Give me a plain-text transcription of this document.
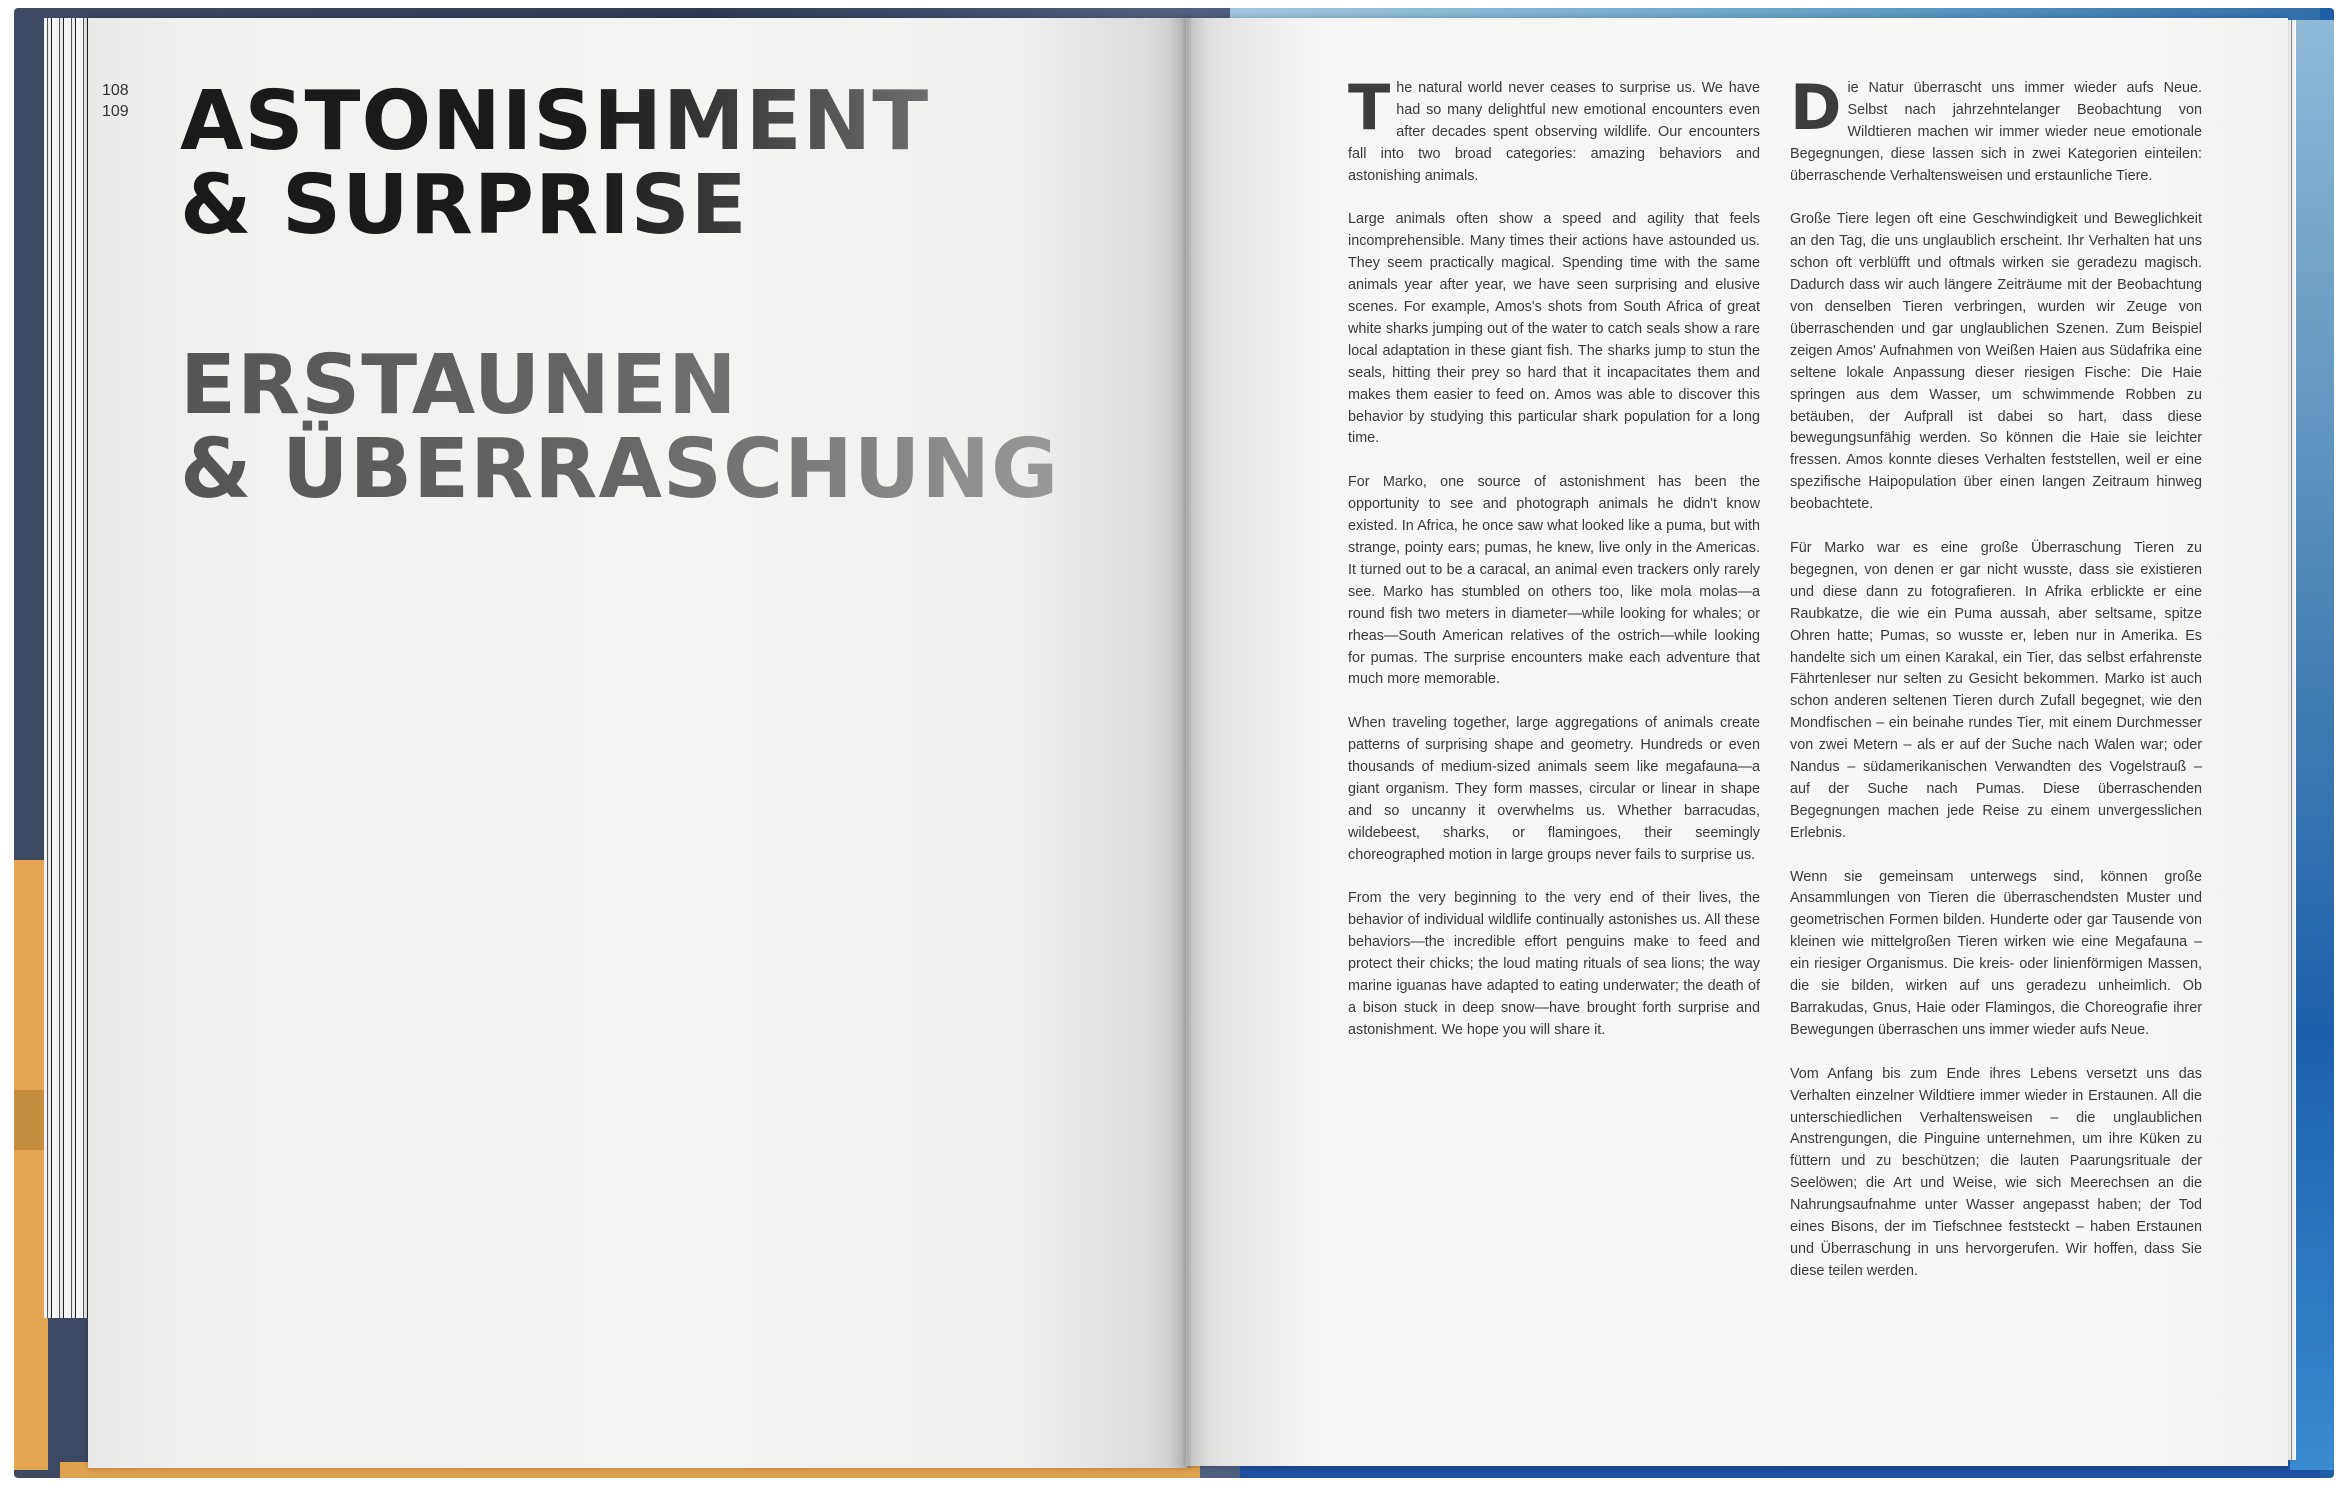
108
109 ASTONISHMENT
& SURPRISE
ERSTAUNEN
& ÜBERRASCHUNG

The natural world never ceases to surprise us. We have had so many delightful new emotional encounters even after decades spent observing wildlife. Our encounters fall into two broad categories: amazing behaviors and astonishing animals.

Large animals often show a speed and agility that feels incomprehensible. Many times their actions have astounded us. They seem practically magical. Spending time with the same animals year after year, we have seen surprising and elusive scenes. For example, Amos's shots from South Africa of great white sharks jumping out of the water to catch seals show a rare local adaptation in these giant fish. The sharks jump to stun the seals, hitting their prey so hard that it incapacitates them and makes them easier to feed on. Amos was able to discover this behavior by studying this particular shark population for a long time.

For Marko, one source of astonishment has been the opportunity to see and photograph animals he didn't know existed. In Africa, he once saw what looked like a puma, but with strange, pointy ears; pumas, he knew, live only in the Americas. It turned out to be a caracal, an animal even trackers only rarely see. Marko has stumbled on others too, like mola molas—a round fish two meters in diameter—while looking for whales; or rheas—South American relatives of the ostrich—while looking for pumas. The surprise encounters make each adventure that much more memorable.

When traveling together, large aggregations of animals create patterns of surprising shape and geometry. Hundreds or even thousands of medium-sized animals seem like megafauna—a giant organism. They form masses, circular or linear in shape and so uncanny it overwhelms us. Whether barracudas, wildebeest, sharks, or flamingoes, their seemingly choreographed motion in large groups never fails to surprise us.

From the very beginning to the very end of their lives, the behavior of individual wildlife continually astonishes us. All these behaviors—the incredible effort penguins make to feed and protect their chicks; the loud mating rituals of sea lions; the way marine iguanas have adapted to eating underwater; the death of a bison stuck in deep snow—have brought forth surprise and astonishment. We hope you will share it.

Die Natur überrascht uns immer wieder aufs Neue. Selbst nach jahrzehntelanger Beobachtung von Wildtieren machen wir immer wieder neue emotionale Begegnungen, diese lassen sich in zwei Kategorien einteilen: überraschende Verhaltensweisen und erstaunliche Tiere.

Große Tiere legen oft eine Geschwindigkeit und Beweglichkeit an den Tag, die uns unglaublich erscheint. Ihr Verhalten hat uns schon oft verblüfft und oftmals wirken sie geradezu magisch. Dadurch dass wir auch längere Zeiträume mit der Beobachtung von denselben Tieren verbringen, wurden wir Zeuge von überraschenden und gar unglaublichen Szenen. Zum Beispiel zeigen Amos' Aufnahmen von Weißen Haien aus Südafrika eine seltene lokale Anpassung dieser riesigen Fische: Die Haie springen aus dem Wasser, um schwimmende Robben zu betäuben, der Aufprall ist dabei so hart, dass diese bewegungsunfähig werden. So können die Haie sie leichter fressen. Amos konnte dieses Verhalten feststellen, weil er eine spezifische Haipopulation über einen langen Zeitraum hinweg beobachtete.

Für Marko war es eine große Überraschung Tieren zu begegnen, von denen er gar nicht wusste, dass sie existieren und diese dann zu fotografieren. In Afrika erblickte er eine Raubkatze, die wie ein Puma aussah, aber seltsame, spitze Ohren hatte; Pumas, so wusste er, leben nur in Amerika. Es handelte sich um einen Karakal, ein Tier, das selbst erfahrenste Fährtenleser nur selten zu Gesicht bekommen. Marko ist auch schon anderen seltenen Tieren durch Zufall begegnet, wie den Mondfischen – ein beinahe rundes Tier, mit einem Durchmesser von zwei Metern – als er auf der Suche nach Walen war; oder Nandus – südamerikanischen Verwandten des Vogelstrauß – auf der Suche nach Pumas. Diese überraschenden Begegnungen machen jede Reise zu einem unvergesslichen Erlebnis.

Wenn sie gemeinsam unterwegs sind, können große Ansammlungen von Tieren die überraschendsten Muster und geometrischen Formen bilden. Hunderte oder gar Tausende von kleinen wie mittelgroßen Tieren wirken wie eine Megafauna – ein riesiger Organismus. Die kreis- oder linienförmigen Massen, die sie bilden, wirken auf uns geradezu unheimlich. Ob Barrakudas, Gnus, Haie oder Flamingos, die Choreografie ihrer Bewegungen überraschen uns immer wieder aufs Neue.

Vom Anfang bis zum Ende ihres Lebens versetzt uns das Verhalten einzelner Wildtiere immer wieder in Erstaunen. All die unterschiedlichen Verhaltensweisen – die unglaublichen Anstrengungen, die Pinguine unternehmen, um ihre Küken zu füttern und zu beschützen; die lauten Paarungsrituale der Seelöwen; die Art und Weise, wie sich Meerechsen an die Nahrungsaufnahme unter Wasser angepasst haben; der Tod eines Bisons, der im Tiefschnee feststeckt – haben Erstaunen und Überraschung in uns hervorgerufen. Wir hoffen, dass Sie diese teilen werden.
